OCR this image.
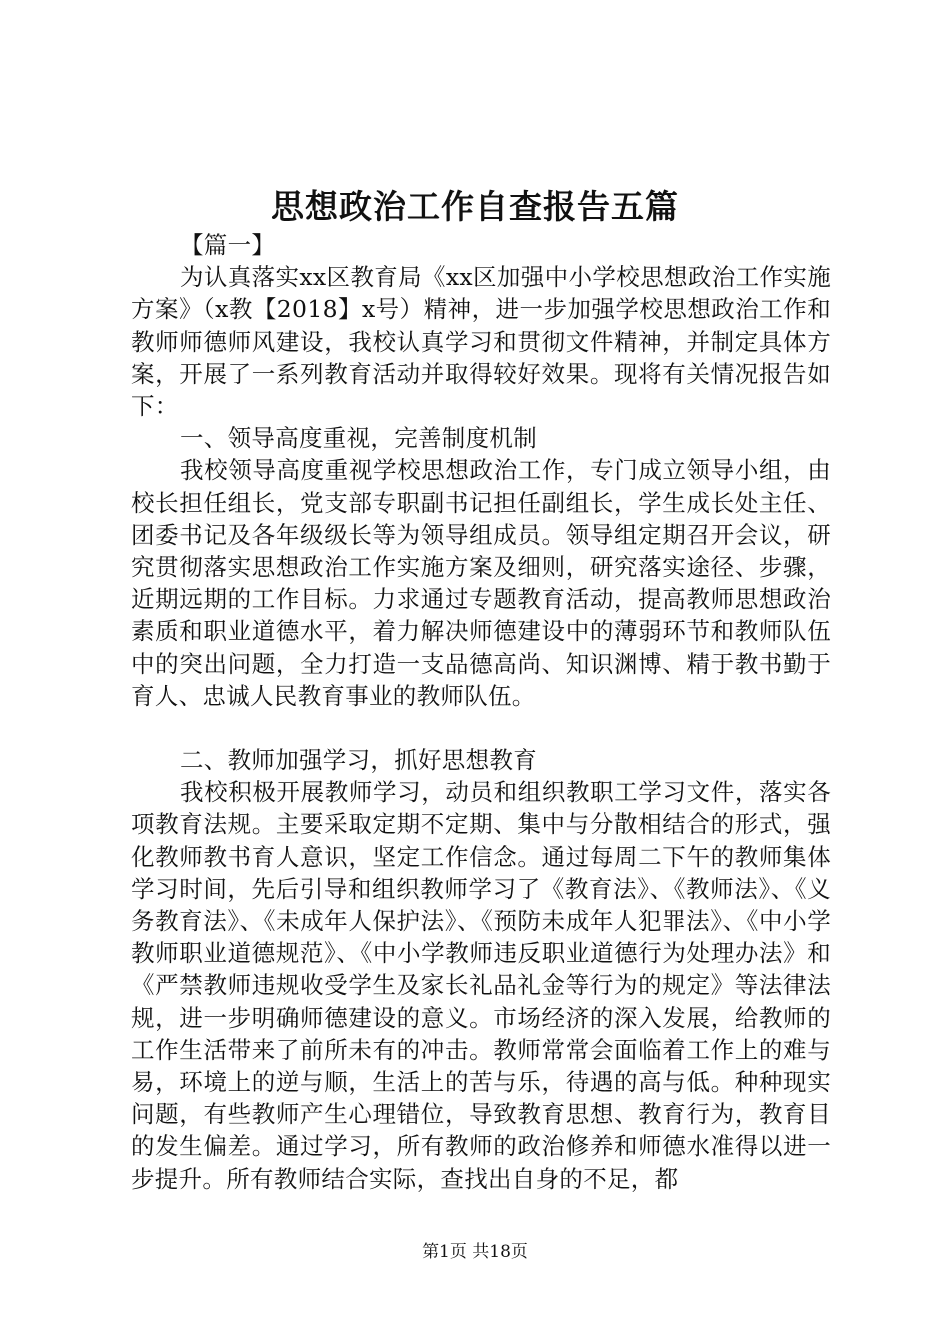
思想政治工作自查报告五篇

【篇一】

为认真落实xx区教育局《xx区加强中小学校思想政治工作实施方案》（x教【2018】x号）精神，进一步加强学校思想政治工作和教师师德师风建设，我校认真学习和贯彻文件精神，并制定具体方案，开展了一系列教育活动并取得较好效果。现将有关情况报告如下：

一、领导高度重视，完善制度机制

我校领导高度重视学校思想政治工作，专门成立领导小组，由校长担任组长，党支部专职副书记担任副组长，学生成长处主任、团委书记及各年级级长等为领导组成员。领导组定期召开会议，研究贯彻落实思想政治工作实施方案及细则，研究落实途径、步骤，近期远期的工作目标。力求通过专题教育活动，提高教师思想政治素质和职业道德水平，着力解决师德建设中的薄弱环节和教师队伍中的突出问题，全力打造一支品德高尚、知识渊博、精于教书勤于育人、忠诚人民教育事业的教师队伍。

二、教师加强学习，抓好思想教育

我校积极开展教师学习，动员和组织教职工学习文件，落实各项教育法规。主要采取定期不定期、集中与分散相结合的形式，强化教师教书育人意识，坚定工作信念。通过每周二下午的教师集体学习时间，先后引导和组织教师学习了《教育法》、《教师法》、《义务教育法》、《未成年人保护法》、《预防未成年人犯罪法》、《中小学教师职业道德规范》、《中小学教师违反职业道德行为处理办法》和《严禁教师违规收受学生及家长礼品礼金等行为的规定》等法律法规，进一步明确师德建设的意义。市场经济的深入发展，给教师的工作生活带来了前所未有的冲击。教师常常会面临着工作上的难与易，环境上的逆与顺，生活上的苦与乐，待遇的高与低。种种现实问题，有些教师产生心理错位，导致教育思想、教育行为，教育目的发生偏差。通过学习，所有教师的政治修养和师德水准得以进一步提升。所有教师结合实际，查找出自身的不足，都

第1页 共18页
